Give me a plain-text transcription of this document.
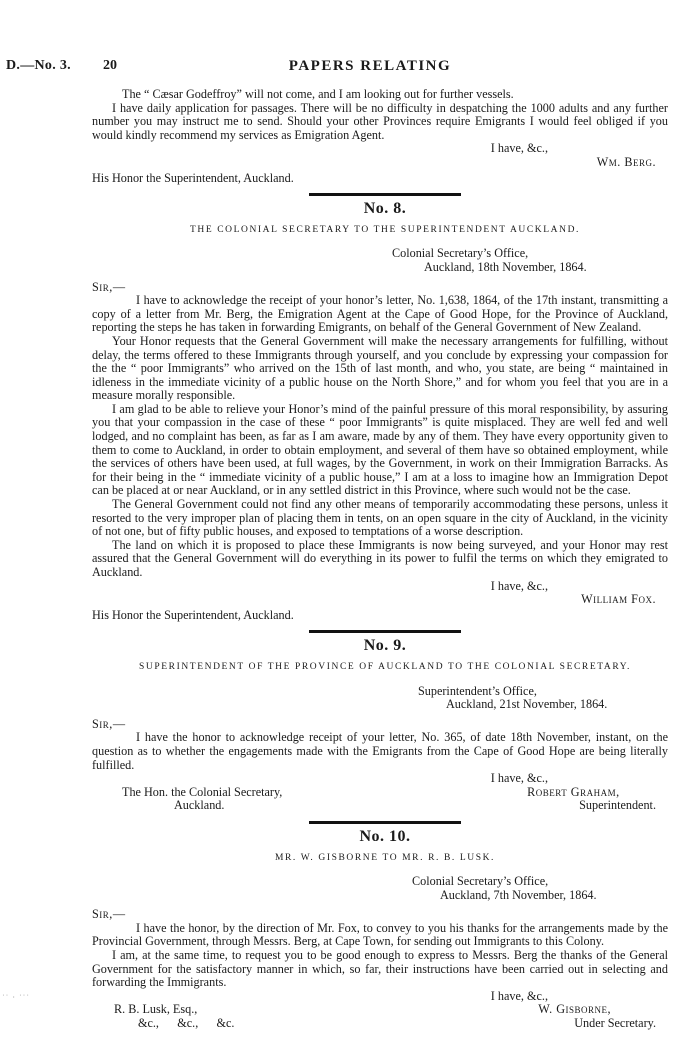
D.—No. 3. 20	PAPERS RELATING

The “ Cæsar Godeffroy” will not come, and I am looking out for further vessels.

I have daily application for passages. There will be no difficulty in despatching the 1000 adults and any further number you may instruct me to send. Should your other Provinces require Emigrants I would feel obliged if you would kindly recommend my services as Emigration Agent.

I have, &c.,

Wm. Berg.

His Honor the Superintendent, Auckland.

No. 8.
THE COLONIAL SECRETARY TO THE SUPERINTENDENT AUCKLAND.

Colonial Secretary’s Office,

Auckland, 18th November, 1864.

Sir,—

I have to acknowledge the receipt of your honor’s letter, No. 1,638, 1864, of the 17th instant, transmitting a copy of a letter from Mr. Berg, the Emigration Agent at the Cape of Good Hope, for the Province of Auckland, reporting the steps he has taken in forwarding Emigrants, on behalf of the General Government of New Zealand.

Your Honor requests that the General Government will make the necessary arrangements for fulfilling, without delay, the terms offered to these Immigrants through yourself, and you conclude by expressing your compassion for the the “ poor Immigrants” who arrived on the 15th of last month, and who, you state, are being “ maintained in idleness in the immediate vicinity of a public house on the North Shore,” and for whom you feel that you are in a measure morally responsible.

I am glad to be able to relieve your Honor’s mind of the painful pressure of this moral responsibility, by assuring you that your compassion in the case of these “ poor Immigrants” is quite misplaced. They are well fed and well lodged, and no complaint has been, as far as I am aware, made by any of them. They have every opportunity given to them to come to Auckland, in order to obtain employment, and several of them have so obtained employment, while the services of others have been used, at full wages, by the Government, in work on their Immigration Barracks. As for their being in the “ immediate vicinity of a public house,” I am at a loss to imagine how an Immigration Depot can be placed at or near Auckland, or in any settled district in this Province, where such would not be the case.

The General Government could not find any other means of temporarily accommodating these persons, unless it resorted to the very improper plan of placing them in tents, on an open square in the city of Auckland, in the vicinity of not one, but of fifty public houses, and exposed to temptations of a worse description.

The land on which it is proposed to place these Immigrants is now being surveyed, and your Honor may rest assured that the General Government will do everything in its power to fulfil the terms on which they emigrated to Auckland.

I have, &c.,

William Fox.

His Honor the Superintendent, Auckland.

No. 9.
SUPERINTENDENT OF THE PROVINCE OF AUCKLAND TO THE COLONIAL SECRETARY.

Superintendent’s Office,

Auckland, 21st November, 1864.

Sir,—

I have the honor to acknowledge receipt of your letter, No. 365, of date 18th November, instant, on the question as to whether the engagements made with the Emigrants from the Cape of Good Hope are being literally fulfilled.

I have, &c.,

The Hon. the Colonial Secretary,
Auckland.
Robert Graham,
Superintendent.
No. 10.
MR. W. GISBORNE TO MR. R. B. LUSK.

Colonial Secretary’s Office,

Auckland, 7th November, 1864.

Sir,—

I have the honor, by the direction of Mr. Fox, to convey to you his thanks for the arrangements made by the Provincial Government, through Messrs. Berg, at Cape Town, for sending out Immigrants to this Colony.

I am, at the same time, to request you to be good enough to express to Messrs. Berg the thanks of the General Government for the satisfactory manner in which, so far, their instructions have been carried out in selecting and forwarding the Immigrants.

I have, &c.,

R. B. Lusk, Esq.,
&c.,      &c.,      &c.
W. Gisborne,
Under Secretary.
˙˙ · ˙˙˙
